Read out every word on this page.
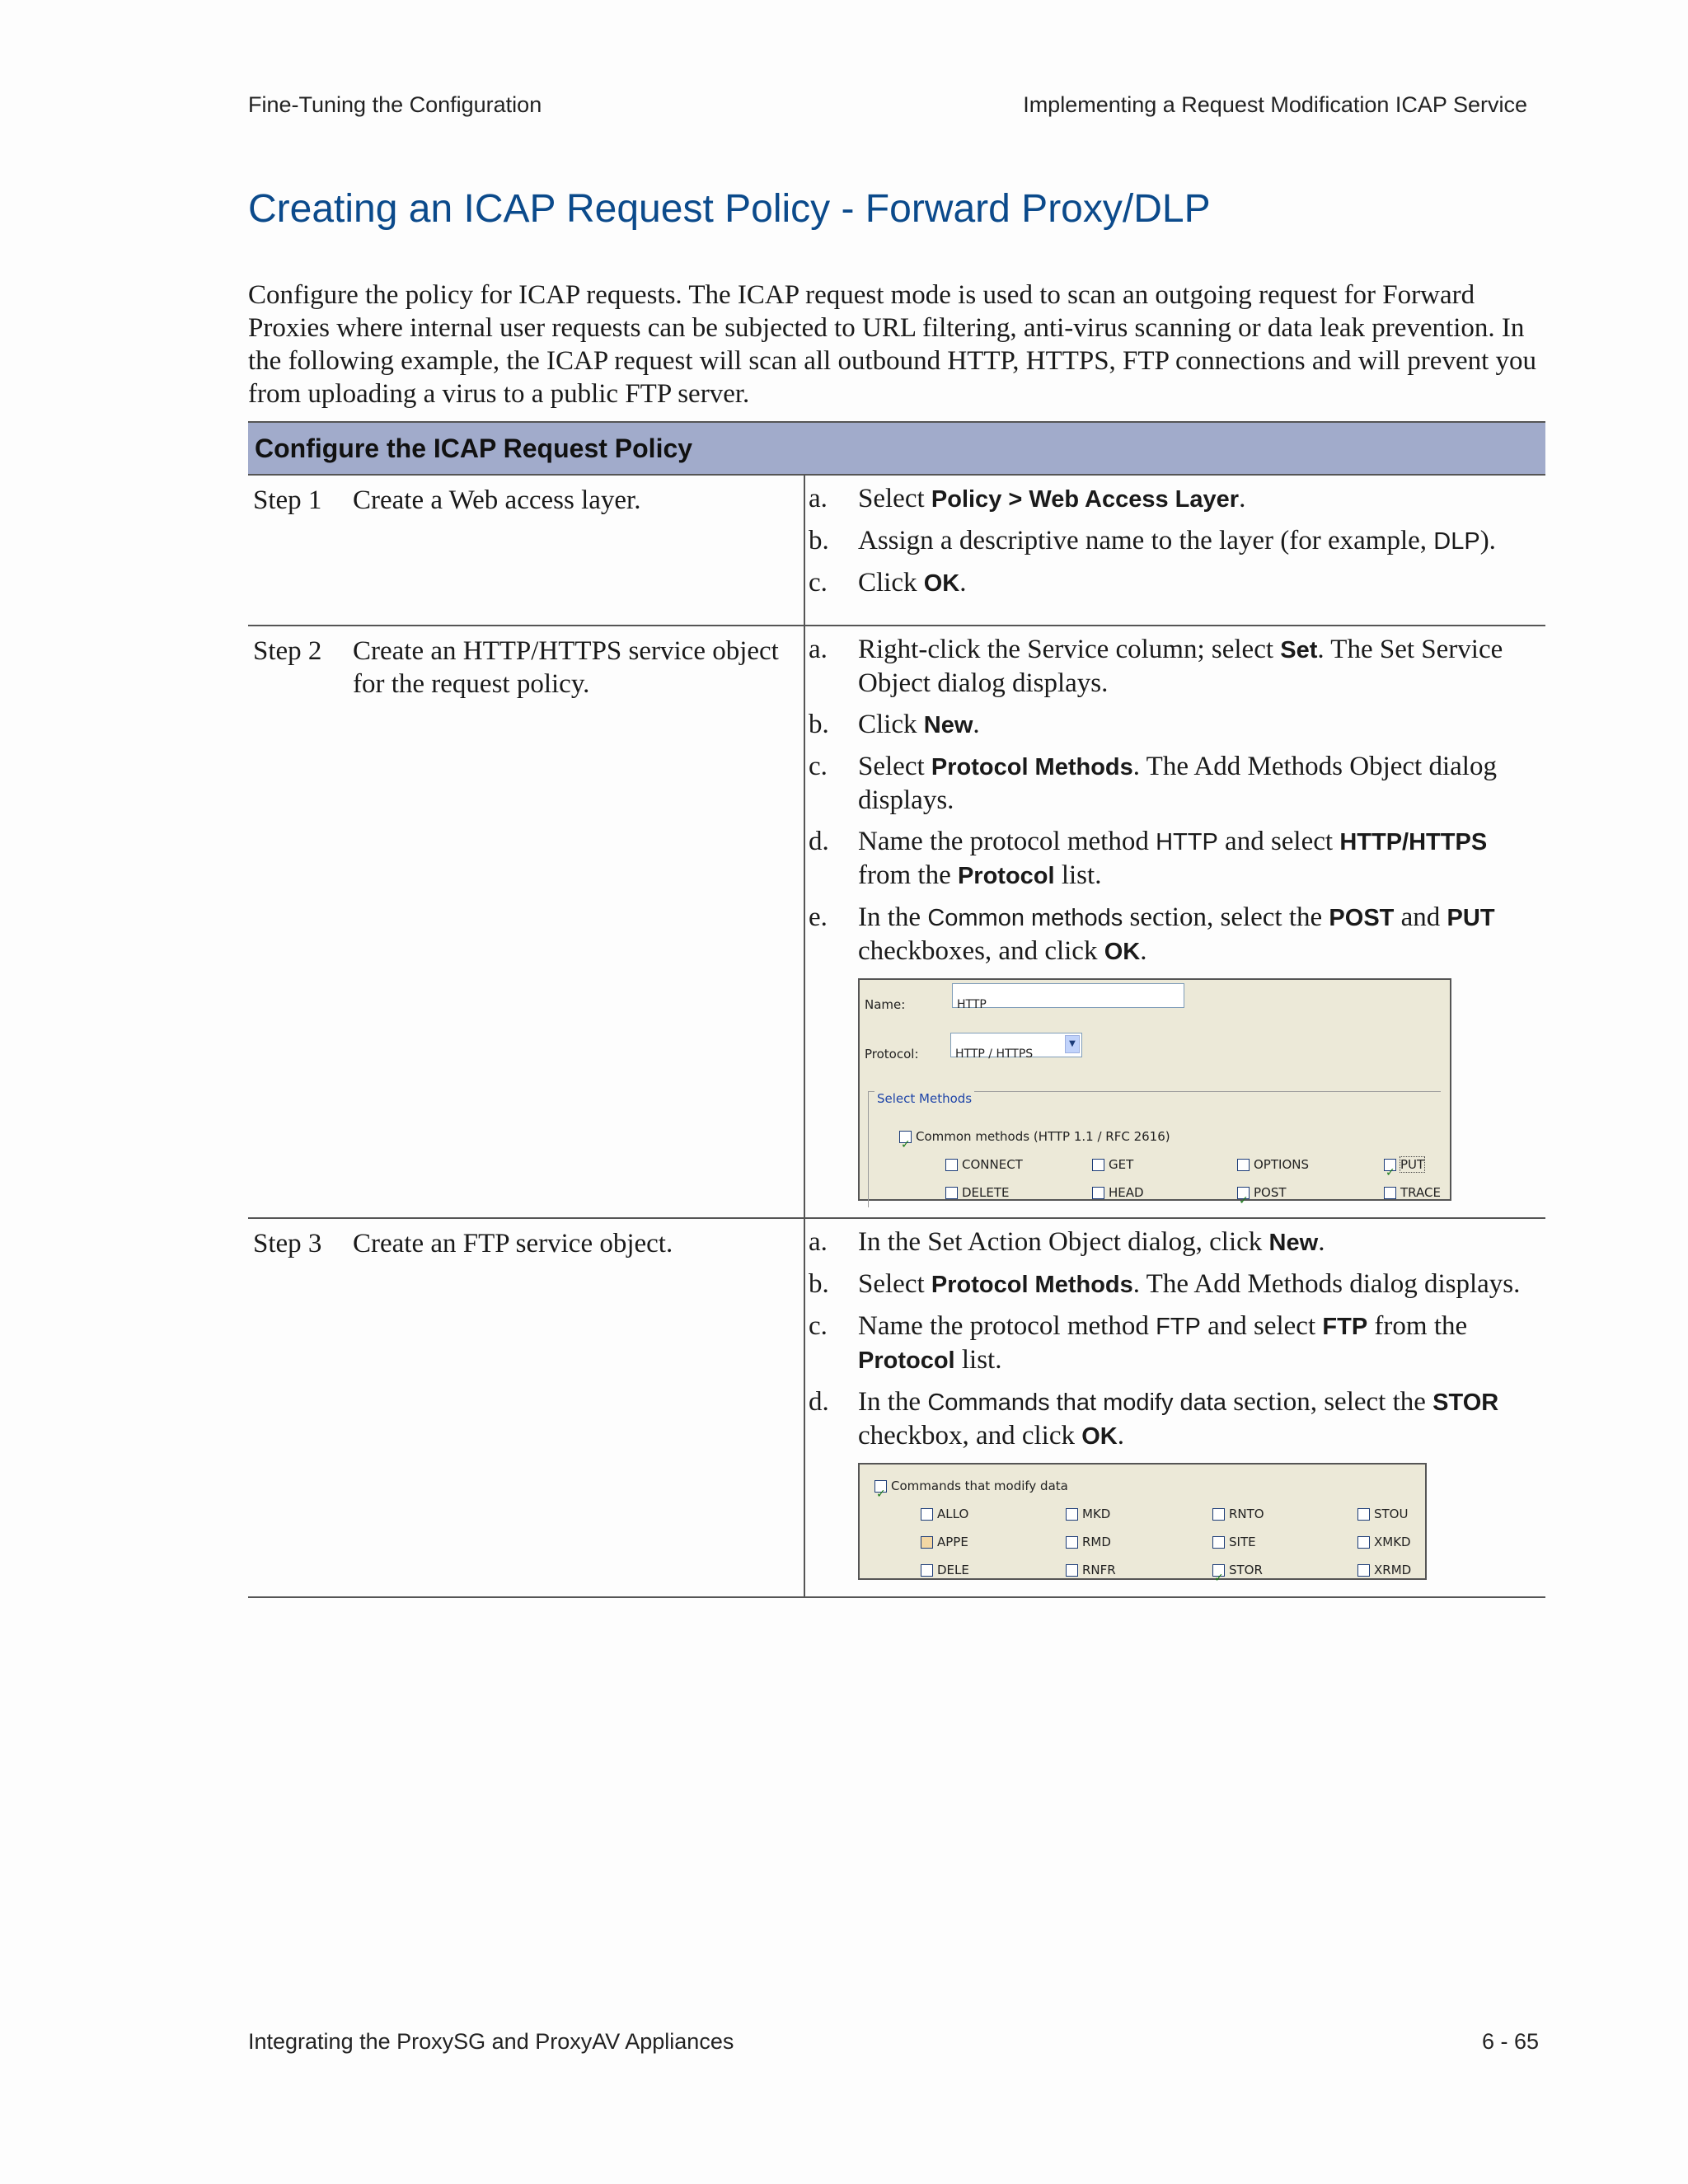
Fine-Tuning the Configuration	Implementing a Request Modification ICAP Service
Creating an ICAP Request Policy - Forward Proxy/DLP

Configure the policy for ICAP requests. The ICAP request mode is used to scan an outgoing request for Forward Proxies where internal user requests can be subjected to URL filtering, anti-virus scanning or data leak prevention. In the following example, the ICAP request will scan all outbound HTTP, HTTPS, FTP connections and will prevent you from uploading a virus to a public FTP server.

Configure the ICAP Request Policy
Step 1	Create a Web access layer.	a.	Select Policy > Web Access Layer.
b.	Assign a descriptive name to the layer (for example, DLP).
c.	Click OK.
Step 2	Create an HTTP/HTTPS service object for the request policy.
a.	Right-click the Service column; select Set. The Set Service Object dialog displays.
b.	Click New.
c.	Select Protocol Methods. The Add Methods Object dialog displays.
d.	Name the protocol method HTTP and select HTTP/HTTPS from the Protocol list.
e.	In the Common methods section, select the POST and PUT checkboxes, and click OK.
Name:	HTTP
Protocol:	HTTP / HTTPS
▼
Select Methods
✓Common methods (HTTP 1.1 / RFC 2616)
CONNECT	GET	OPTIONS ✓	PUT
DELETE	HEAD ✓	POST	TRACE
Step 3	Create an FTP service object.	a.	In the Set Action Object dialog, click New.
b.	Select Protocol Methods. The Add Methods dialog displays.
c.	Name the protocol method FTP and select FTP from the Protocol list.
d.	In the Commands that modify data section, select the STOR checkbox, and click OK.
✓Commands that modify data
ALLO	MKD	RNTO	STOU
APPE	RMD	SITE	XMKD
DELE	RNFR ✓	STOR	XRMD
Integrating the ProxySG and ProxyAV Appliances	6 - 65
